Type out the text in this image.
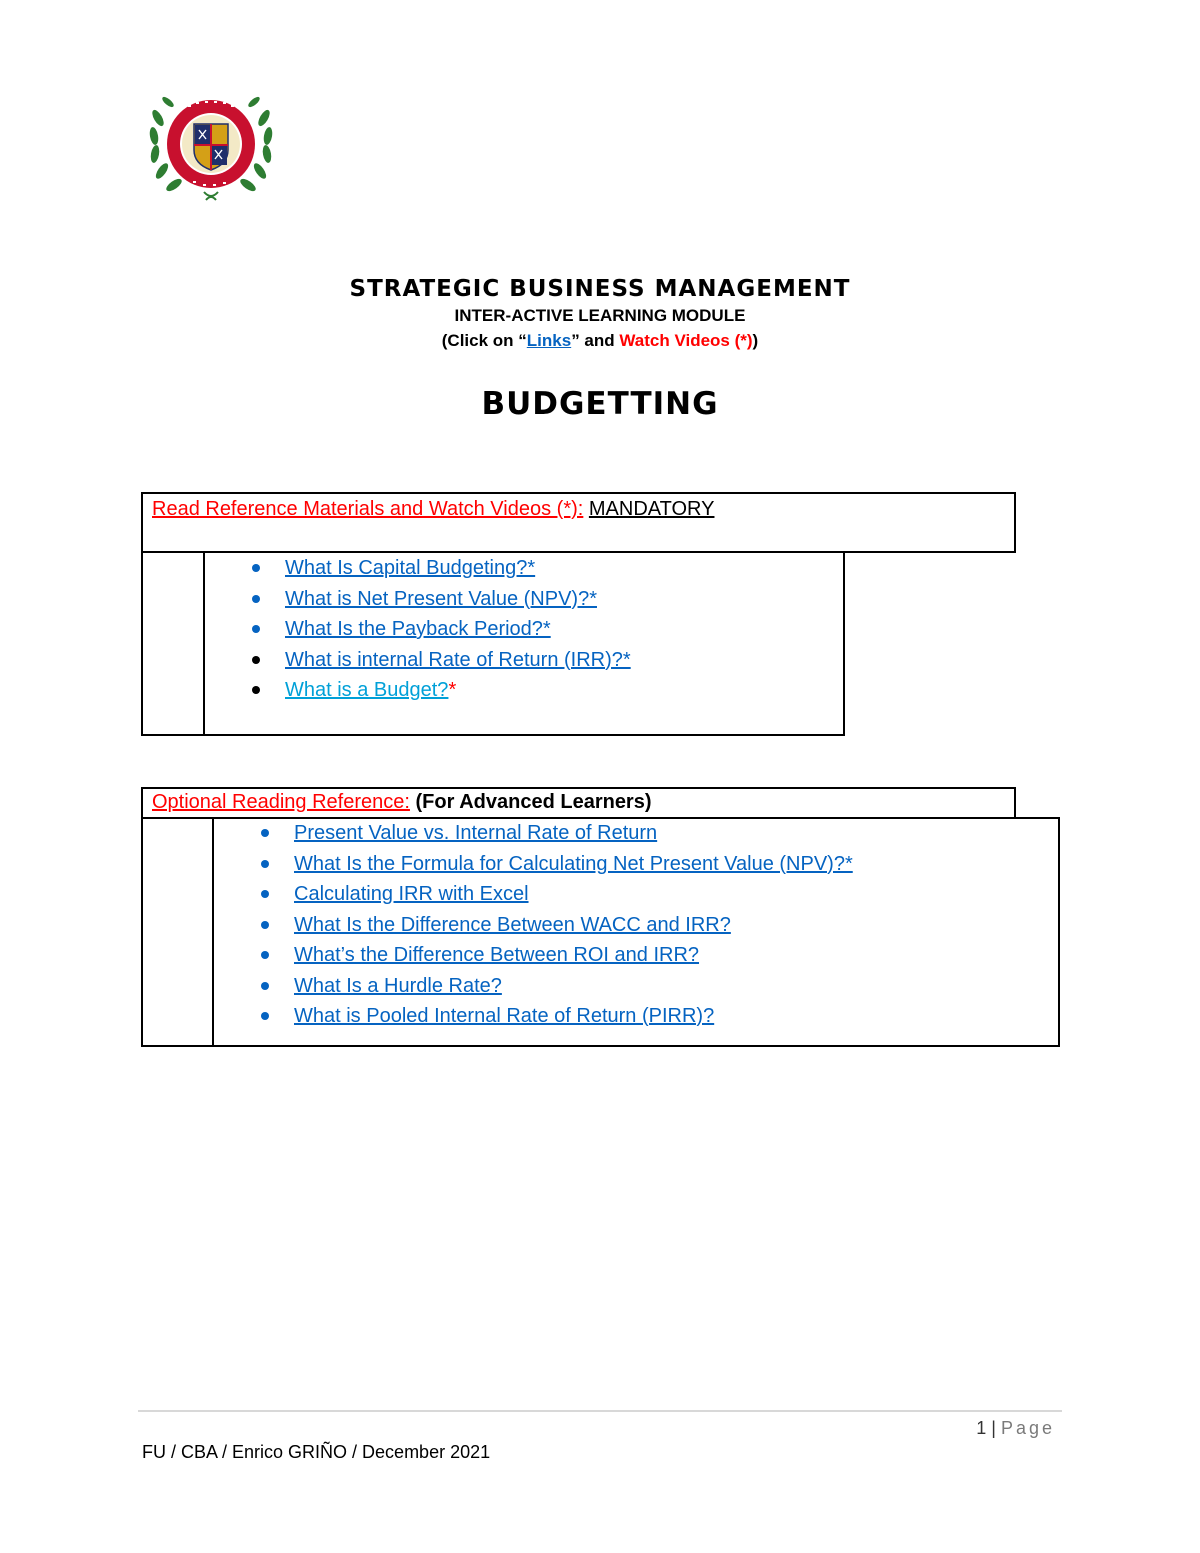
STRATEGIC BUSINESS MANAGEMENT
INTER-ACTIVE LEARNING MODULE
(Click on “Links” and Watch Videos (*))
BUDGETTING
Read Reference Materials and Watch Videos (*): MANDATORY
What Is Capital Budgeting?*
What is Net Present Value (NPV)?*
What Is the Payback Period?*
What is internal Rate of Return (IRR)?*
What is a Budget?*
Optional Reading Reference: (For Advanced Learners)
Present Value vs. Internal Rate of Return
What Is the Formula for Calculating Net Present Value (NPV)?*
Calculating IRR with Excel
What Is the Difference Between WACC and IRR?
What’s the Difference Between ROI and IRR?
What Is a Hurdle Rate?
What is Pooled Internal Rate of Return (PIRR)?
1 | Page
FU / CBA / Enrico GRIÑO / December 2021
